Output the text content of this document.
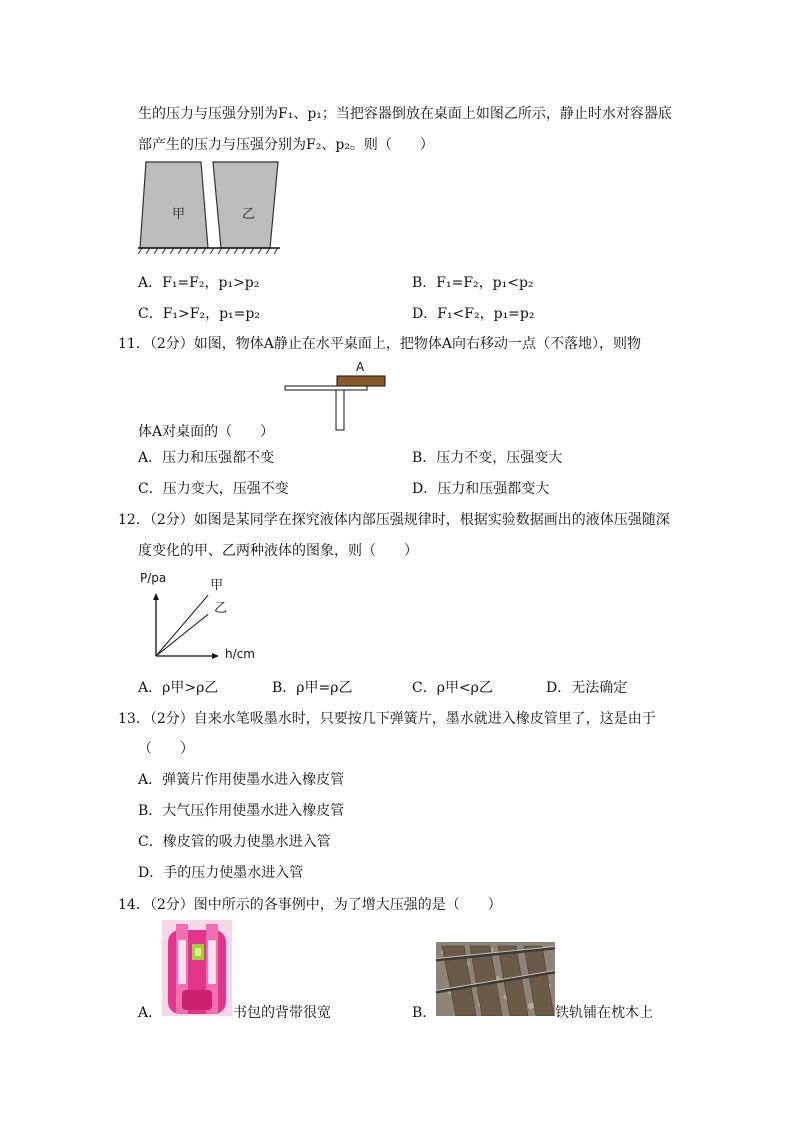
生的压力与压强分别为F₁、p₁；当把容器倒放在桌面上如图乙所示，静止时水对容器底
部产生的压力与压强分别为F₂、p₂。则（　　）
甲	乙
A．F₁=F₂，p₁>p₂	B．F₁=F₂，p₁<p₂
C．F₁>F₂，p₁=p₂	D．F₁<F₂，p₁=p₂
11．（2分）如图，物体A静止在水平桌面上，把物体A向右移动一点（不落地），则物
A
体A对桌面的（　　）
A．压力和压强都不变	B．压力不变，压强变大
C．压力变大，压强不变	D．压力和压强都变大
12．（2分）如图是某同学在探究液体内部压强规律时，根据实验数据画出的液体压强随深
度变化的甲、乙两种液体的图象，则（　　）
甲
乙
P/pa
h/cm
A．ρ甲>ρ乙	B．ρ甲=ρ乙	C．ρ甲<ρ乙	D．无法确定
13．（2分）自来水笔吸墨水时，只要按几下弹簧片，墨水就进入橡皮管里了，这是由于
（　　）
A．弹簧片作用使墨水进入橡皮管
B．大气压作用使墨水进入橡皮管
C．橡皮管的吸力使墨水进入管
D．手的压力使墨水进入管
14．（2分）图中所示的各事例中，为了增大压强的是（　　）
A．	书包的背带很宽	B．	铁轨铺在枕木上
